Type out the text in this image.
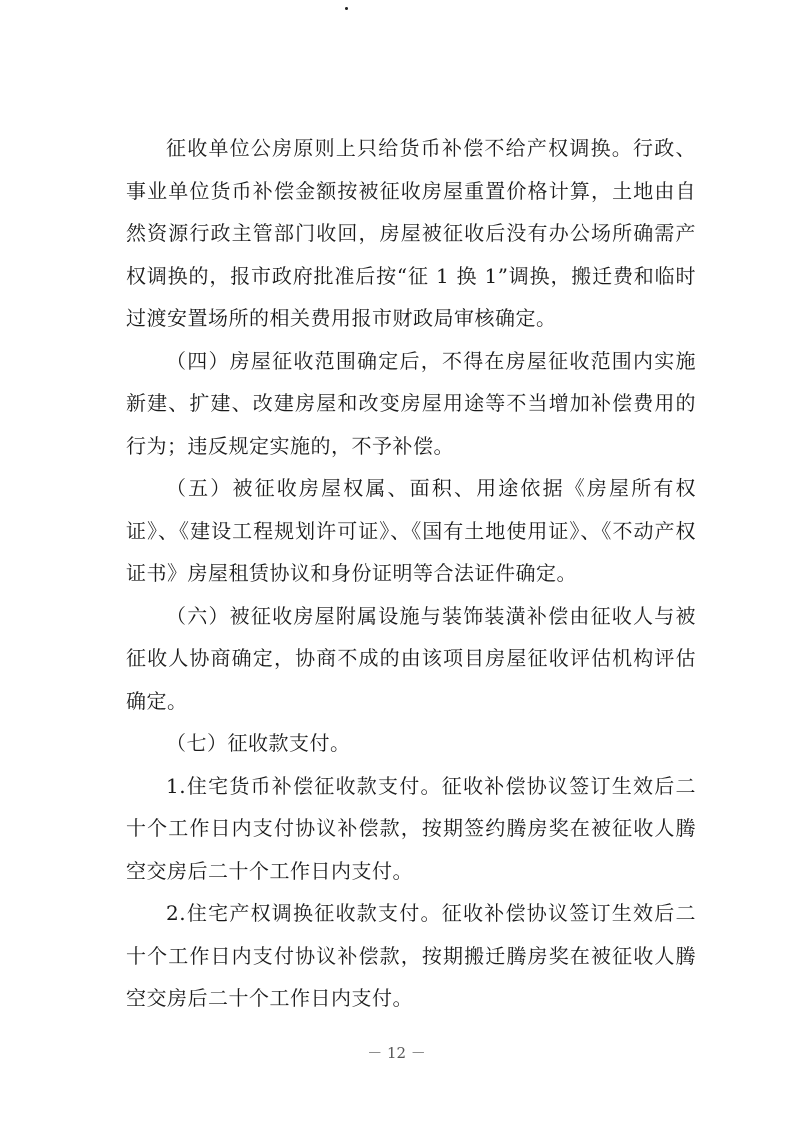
征收单位公房原则上只给货币补偿不给产权调换。行政、事业单位货币补偿金额按被征收房屋重置价格计算，土地由自然资源行政主管部门收回，房屋被征收后没有办公场所确需产权调换的，报市政府批准后按“征 1 换 1”调换，搬迁费和临时过渡安置场所的相关费用报市财政局审核确定。

（四）房屋征收范围确定后，不得在房屋征收范围内实施新建、扩建、改建房屋和改变房屋用途等不当增加补偿费用的行为；违反规定实施的，不予补偿。

（五）被征收房屋权属、面积、用途依据《房屋所有权证》、《建设工程规划许可证》、《国有土地使用证》、《不动产权证书》房屋租赁协议和身份证明等合法证件确定。

（六）被征收房屋附属设施与装饰装潢补偿由征收人与被征收人协商确定，协商不成的由该项目房屋征收评估机构评估确定。

（七）征收款支付。

1.住宅货币补偿征收款支付。征收补偿协议签订生效后二十个工作日内支付协议补偿款，按期签约腾房奖在被征收人腾空交房后二十个工作日内支付。

2.住宅产权调换征收款支付。征收补偿协议签订生效后二十个工作日内支付协议补偿款，按期搬迁腾房奖在被征收人腾空交房后二十个工作日内支付。

－ 12 －
